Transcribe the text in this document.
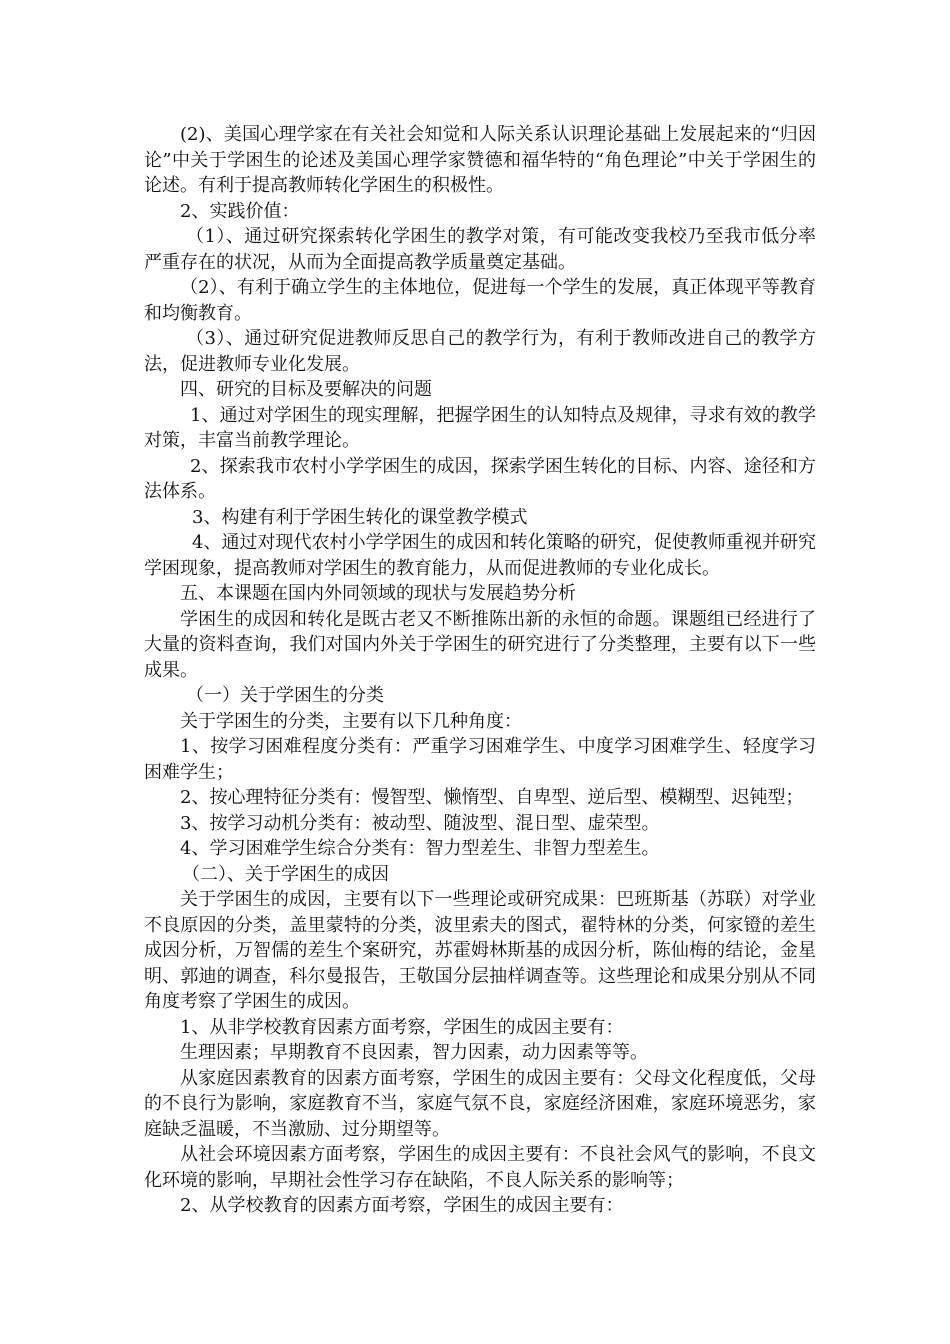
(2)、美国心理学家在有关社会知觉和人际关系认识理论基础上发展起来的“归因论”中关于学困生的论述及美国心理学家赞德和福华特的“角色理论”中关于学困生的论述。有利于提高教师转化学困生的积极性。

2、实践价值：

（1）、通过研究探索转化学困生的教学对策，有可能改变我校乃至我市低分率严重存在的状况，从而为全面提高教学质量奠定基础。

（2）、有利于确立学生的主体地位，促进每一个学生的发展，真正体现平等教育和均衡教育。

（3）、通过研究促进教师反思自己的教学行为，有利于教师改进自己的教学方法，促进教师专业化发展。

四、研究的目标及要解决的问题

1、通过对学困生的现实理解，把握学困生的认知特点及规律，寻求有效的教学对策，丰富当前教学理论。

2、探索我市农村小学学困生的成因，探索学困生转化的目标、内容、途径和方法体系。

3、构建有利于学困生转化的课堂教学模式

4、通过对现代农村小学学困生的成因和转化策略的研究，促使教师重视并研究学困现象，提高教师对学困生的教育能力，从而促进教师的专业化成长。

五、本课题在国内外同领域的现状与发展趋势分析

学困生的成因和转化是既古老又不断推陈出新的永恒的命题。课题组已经进行了大量的资料查询，我们对国内外关于学困生的研究进行了分类整理，主要有以下一些成果。

（一）关于学困生的分类

关于学困生的分类，主要有以下几种角度：

1、按学习困难程度分类有：严重学习困难学生、中度学习困难学生、轻度学习困难学生；

2、按心理特征分类有：慢智型、懒惰型、自卑型、逆后型、模糊型、迟钝型；

3、按学习动机分类有：被动型、随波型、混日型、虚荣型。

4、学习困难学生综合分类有：智力型差生、非智力型差生。

（二）、关于学困生的成因

关于学困生的成因，主要有以下一些理论或研究成果：巴班斯基（苏联）对学业不良原因的分类，盖里蒙特的分类，波里索夫的图式，翟特林的分类，何家镫的差生成因分析，万智儒的差生个案研究，苏霍姆林斯基的成因分析，陈仙梅的结论，金星明、郭迪的调查，科尔曼报告，王敬国分层抽样调查等。这些理论和成果分别从不同角度考察了学困生的成因。

1、从非学校教育因素方面考察，学困生的成因主要有：

生理因素；早期教育不良因素，智力因素，动力因素等等。

从家庭因素教育的因素方面考察，学困生的成因主要有：父母文化程度低，父母的不良行为影响，家庭教育不当，家庭气氛不良，家庭经济困难，家庭环境恶劣，家庭缺乏温暖，不当激励、过分期望等。

从社会环境因素方面考察，学困生的成因主要有：不良社会风气的影响，不良文化环境的影响，早期社会性学习存在缺陷，不良人际关系的影响等；

2、从学校教育的因素方面考察，学困生的成因主要有：
